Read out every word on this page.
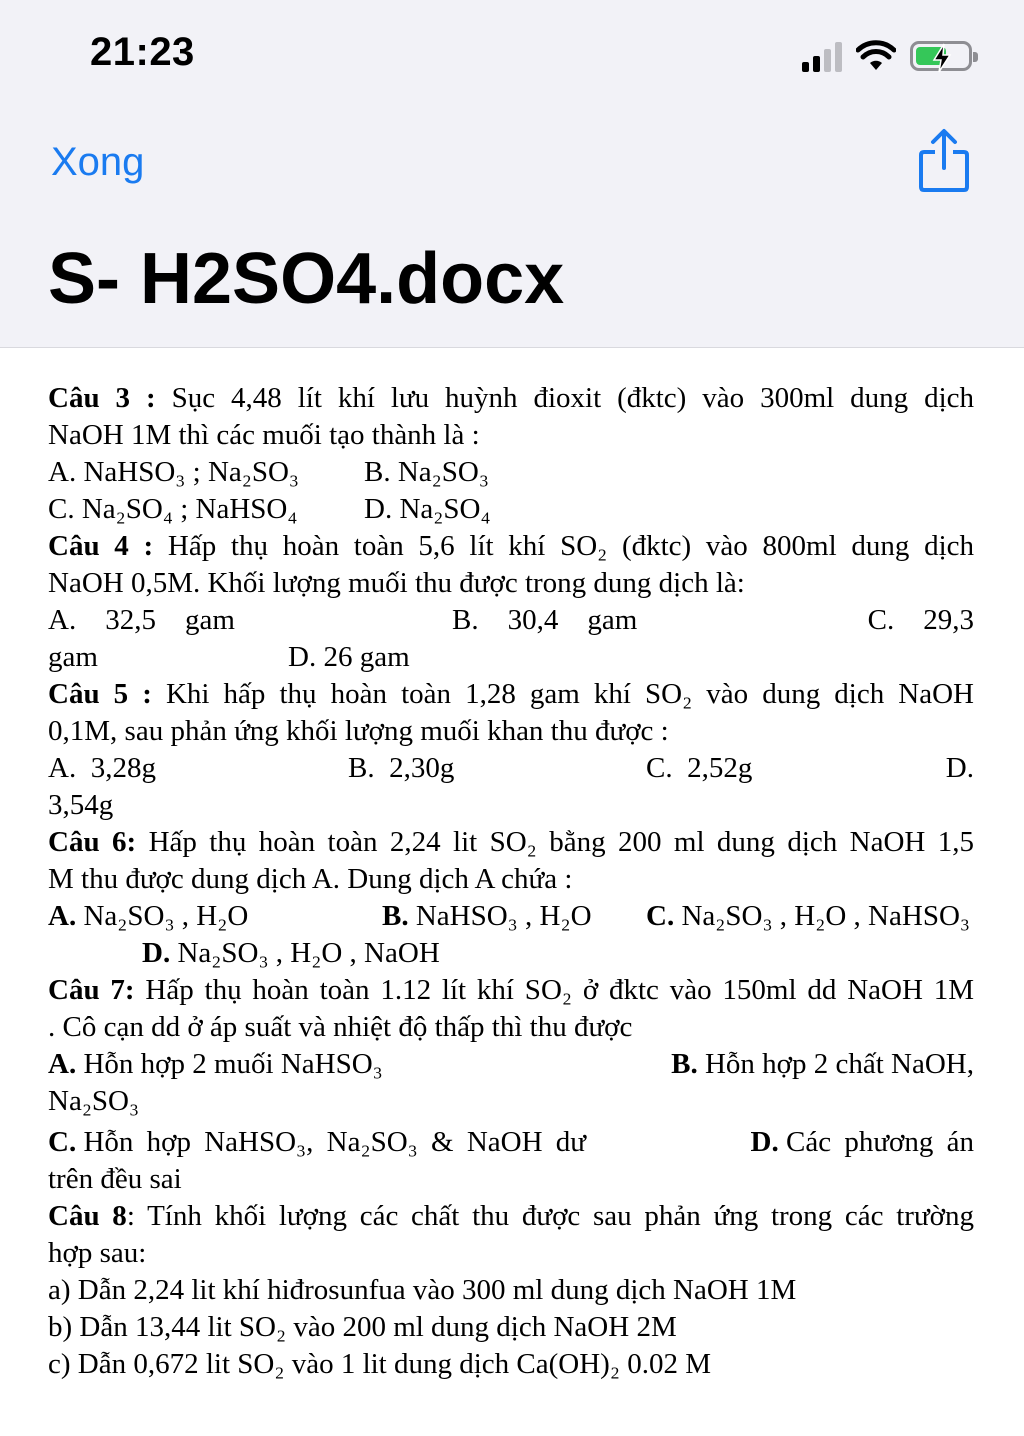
21:23
Xong
S- H2SO4.docx
Câu 3 : Sục 4,48 lít khí lưu huỳnh đioxit (đktc) vào 300ml dung dịch
NaOH 1M thì các muối tạo thành là :
A. NaHSO₃ ; Na₂SO₃ B. Na₂SO₃
C. Na₂SO₄ ; NaHSO₄ D. Na₂SO₄
Câu 4 : Hấp thụ hoàn toàn 5,6 lít khí SO₂ (đktc) vào 800ml dung dịch
NaOH 0,5M. Khối lượng muối thu được trong dung dịch là:
A.    32,5    gam	B.    30,4    gam	C.    29,3
gam	D. 26 gam
Câu 5 : Khi hấp thụ hoàn toàn 1,28 gam khí SO₂ vào dung dịch NaOH
0,1M, sau phản ứng khối lượng muối khan thu được :
A.  3,28g	B.  2,30g	C.  2,52g	D.
3,54g
Câu 6: Hấp thụ hoàn toàn 2,24 lit SO₂ bằng 200 ml dung dịch NaOH 1,5
M thu được dung dịch A. Dung dịch A chứa :
A. Na₂SO₃ , H₂O	B. NaHSO₃ , H₂O C. Na₂SO₃ , H₂O , NaHSO₃
D. Na₂SO₃ , H₂O , NaOH
Câu 7: Hấp thụ hoàn toàn 1.12 lít khí SO₂ ở đktc vào 150ml dd NaOH 1M
. Cô cạn dd ở áp suất và nhiệt độ thấp thì thu được
A. Hỗn hợp 2 muối NaHSO₃	B. Hỗn hợp 2 chất NaOH,
Na₂SO₃
C. Hỗn hợp NaHSO₃, Na₂SO₃ & NaOH dư	D. Các phương án
trên đều sai
Câu 8: Tính khối lượng các chất thu được sau phản ứng trong các trường
hợp sau:
a) Dẫn 2,24 lit khí hiđrosunfua vào 300 ml dung dịch NaOH 1M
b) Dẫn 13,44 lit SO₂ vào 200 ml dung dịch NaOH 2M
c) Dẫn 0,672 lit SO₂ vào 1 lit dung dịch Ca(OH)₂ 0.02 M
